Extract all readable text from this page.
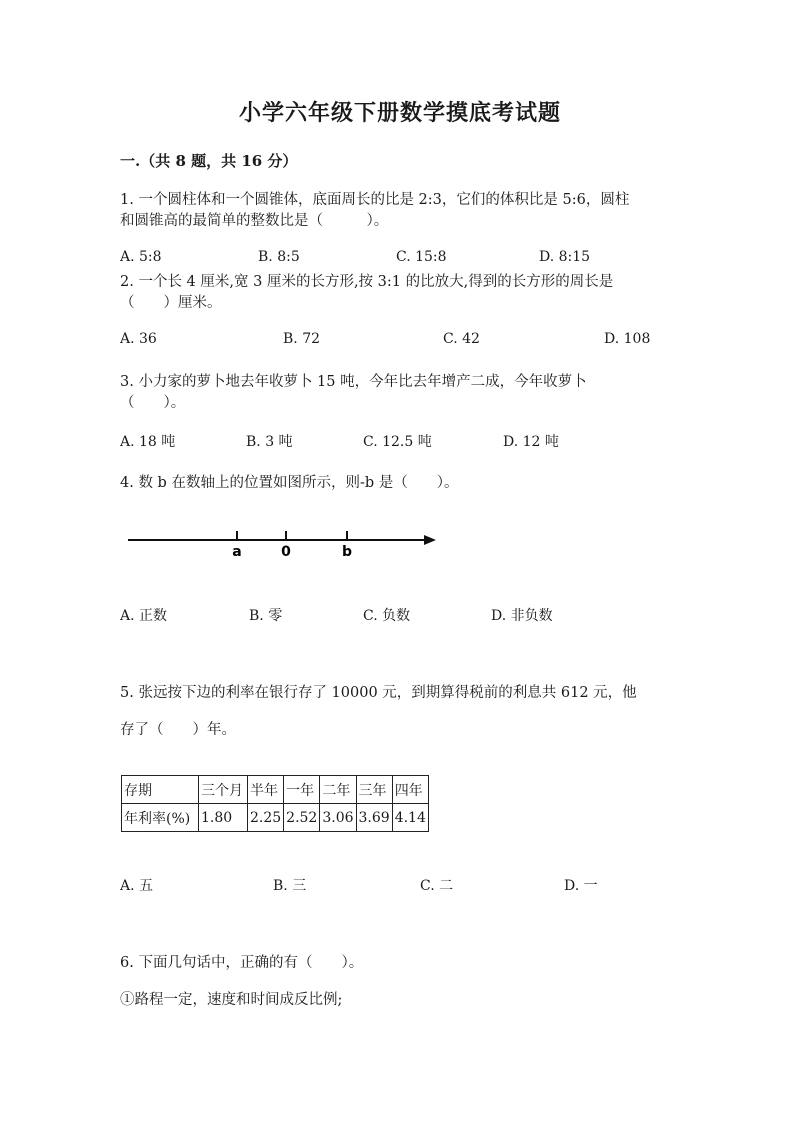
小学六年级下册数学摸底考试题
一.（共 8 题，共 16 分）
1. 一个圆柱体和一个圆锥体，底面周长的比是 2:3，它们的体积比是 5:6，圆柱
和圆锥高的最简单的整数比是（　　　）。
A. 5:8	B. 8:5	C. 15:8	D. 8:15
2. 一个长 4 厘米,宽 3 厘米的长方形,按 3:1 的比放大,得到的长方形的周长是
（　　）厘米。
A. 36	B. 72	C. 42	D. 108
3. 小力家的萝卜地去年收萝卜 15 吨，今年比去年增产二成，今年收萝卜
（　　）。
A. 18 吨	B. 3 吨	C. 12.5 吨	D. 12 吨
4. 数 b 在数轴上的位置如图所示，则-b 是（　　）。
a	0	b
A. 正数	B. 零	C. 负数	D. 非负数
5. 张远按下边的利率在银行存了 10000 元，到期算得税前的利息共 612 元，他
存了（　　）年。
存期	三个月	半年	一年	二年	三年	四年
年利率(%)	1.80	2.25	2.52	3.06	3.69	4.14
A. 五	B. 三	C. 二	D. 一
6. 下面几句话中，正确的有（　　）。
①路程一定，速度和时间成反比例;
